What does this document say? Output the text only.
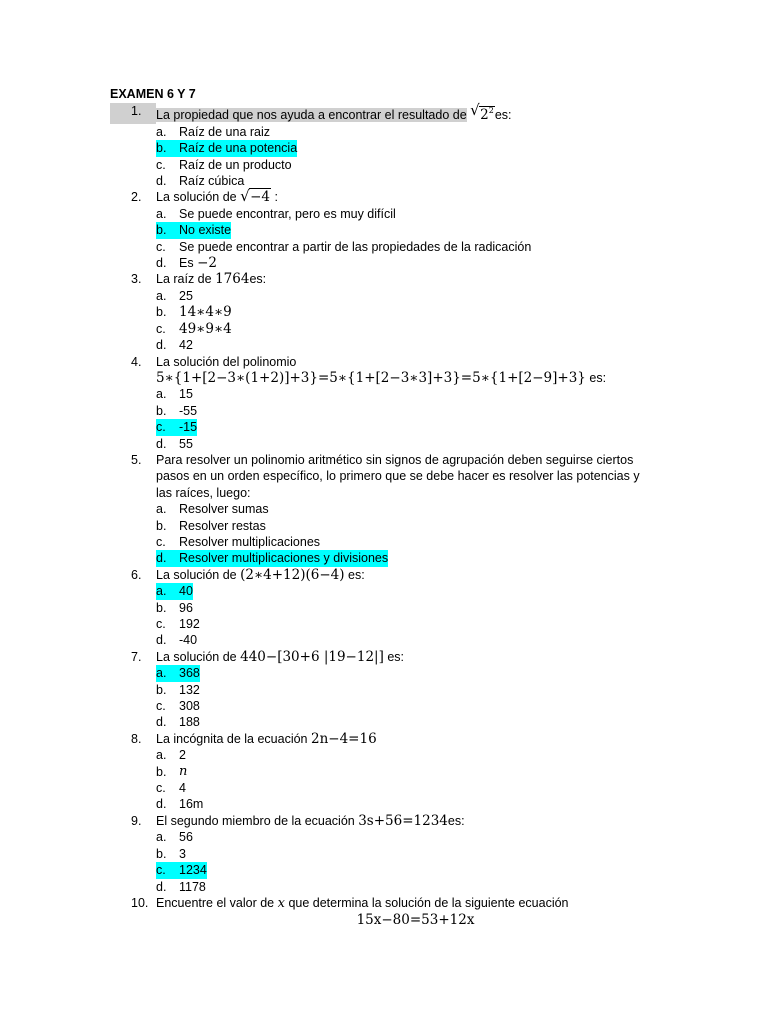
EXAMEN 6 Y 7
1.	La propiedad que nos ayuda a encontrar el resultado de √ $2^2es$:
a.	Raíz de una raiz
b.	Raíz de una potencia
c.	Raíz de un producto
d.	Raíz cúbica
2.	La solución de √ −4 :
a.	Se puede encontrar, pero es muy difícil
b.	No existe
c.	Se puede encontrar a partir de las propiedades de la radicación
d.	Es
−2
3.	La raíz de 1764es:
a.	25
b. 14∗4∗9
c. 49∗9∗4
d.	42
4.	La solución del polinomio
5∗{1+[2−3∗(1+2)]+3}=5∗{1+[2−3∗3]+3}=5∗{1+[2−9]+3} es:
a.	15
b.	-55
c.	-15
d.	55
5.	Para resolver un polinomio aritmético sin signos de agrupación deben seguirse ciertos
pasos en un orden específico, lo primero que se debe hacer es resolver las potencias y
las raíces, luego:
a.	Resolver sumas
b.	Resolver restas
c.	Resolver multiplicaciones
d.	Resolver multiplicaciones y divisiones
6.	La solución de (2∗4+12)(6−4) es:
a.	40
b.	96
c.	192
d.	-40
7.	La solución de 440−[30+6 |19−12|] es:
a.	368
b.	132
c.	308
d.	188
8.	La incógnita de la ecuación 2n−4=16
a.	2
b. n
c.	4
d.	16m
9.	El segundo miembro de la ecuación 3s+56=1234es:
a.	56
b.	3
c.	1234
d.	1178
10. Encuentre el valor de x que determina la solución de la siguiente ecuación
15x−80=53+12x
